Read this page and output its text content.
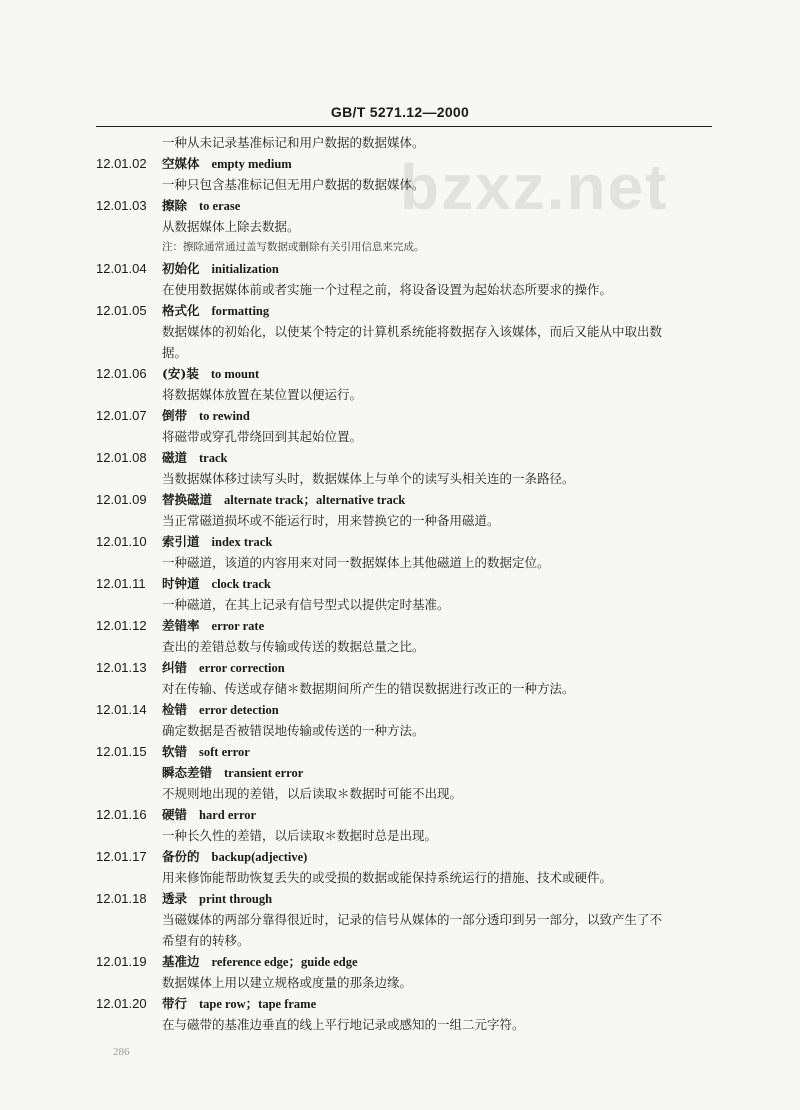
GB/T 5271.12—2000
bzxz.net
一种从未记录基准标记和用户数据的数据媒体。
12.01.02 空媒体 empty medium
一种只包含基准标记但无用户数据的数据媒体。
12.01.03 擦除 to erase
从数据媒体上除去数据。
注：擦除通常通过盖写数据或删除有关引用信息来完成。
12.01.04 初始化 initialization
在使用数据媒体前或者实施一个过程之前，将设备设置为起始状态所要求的操作。
12.01.05 格式化 formatting
数据媒体的初始化，以使某个特定的计算机系统能将数据存入该媒体，而后又能从中取出数
据。
12.01.06 (安)装 to mount
将数据媒体放置在某位置以便运行。
12.01.07 倒带 to rewind
将磁带或穿孔带绕回到其起始位置。
12.01.08 磁道 track
当数据媒体移过读写头时，数据媒体上与单个的读写头相关连的一条路径。
12.01.09 替换磁道 alternate track；alternative track
当正常磁道损坏或不能运行时，用来替换它的一种备用磁道。
12.01.10 索引道 index track
一种磁道，该道的内容用来对同一数据媒体上其他磁道上的数据定位。
12.01.11 时钟道 clock track
一种磁道，在其上记录有信号型式以提供定时基准。
12.01.12 差错率 error rate
查出的差错总数与传输或传送的数据总量之比。
12.01.13 纠错 error correction
对在传输、传送或存储＊数据期间所产生的错误数据进行改正的一种方法。
12.01.14 检错 error detection
确定数据是否被错误地传输或传送的一种方法。
12.01.15 软错 soft error
瞬态差错 transient error
不规则地出现的差错，以后读取＊数据时可能不出现。
12.01.16 硬错 hard error
一种长久性的差错，以后读取＊数据时总是出现。
12.01.17 备份的 backup(adjective)
用来修饰能帮助恢复丢失的或受损的数据或能保持系统运行的措施、技术或硬件。
12.01.18 透录 print through
当磁媒体的两部分靠得很近时，记录的信号从媒体的一部分透印到另一部分，以致产生了不
希望有的转移。
12.01.19 基准边 reference edge；guide edge
数据媒体上用以建立规格或度量的那条边缘。
12.01.20 带行 tape row；tape frame
在与磁带的基准边垂直的线上平行地记录或感知的一组二元字符。
286
